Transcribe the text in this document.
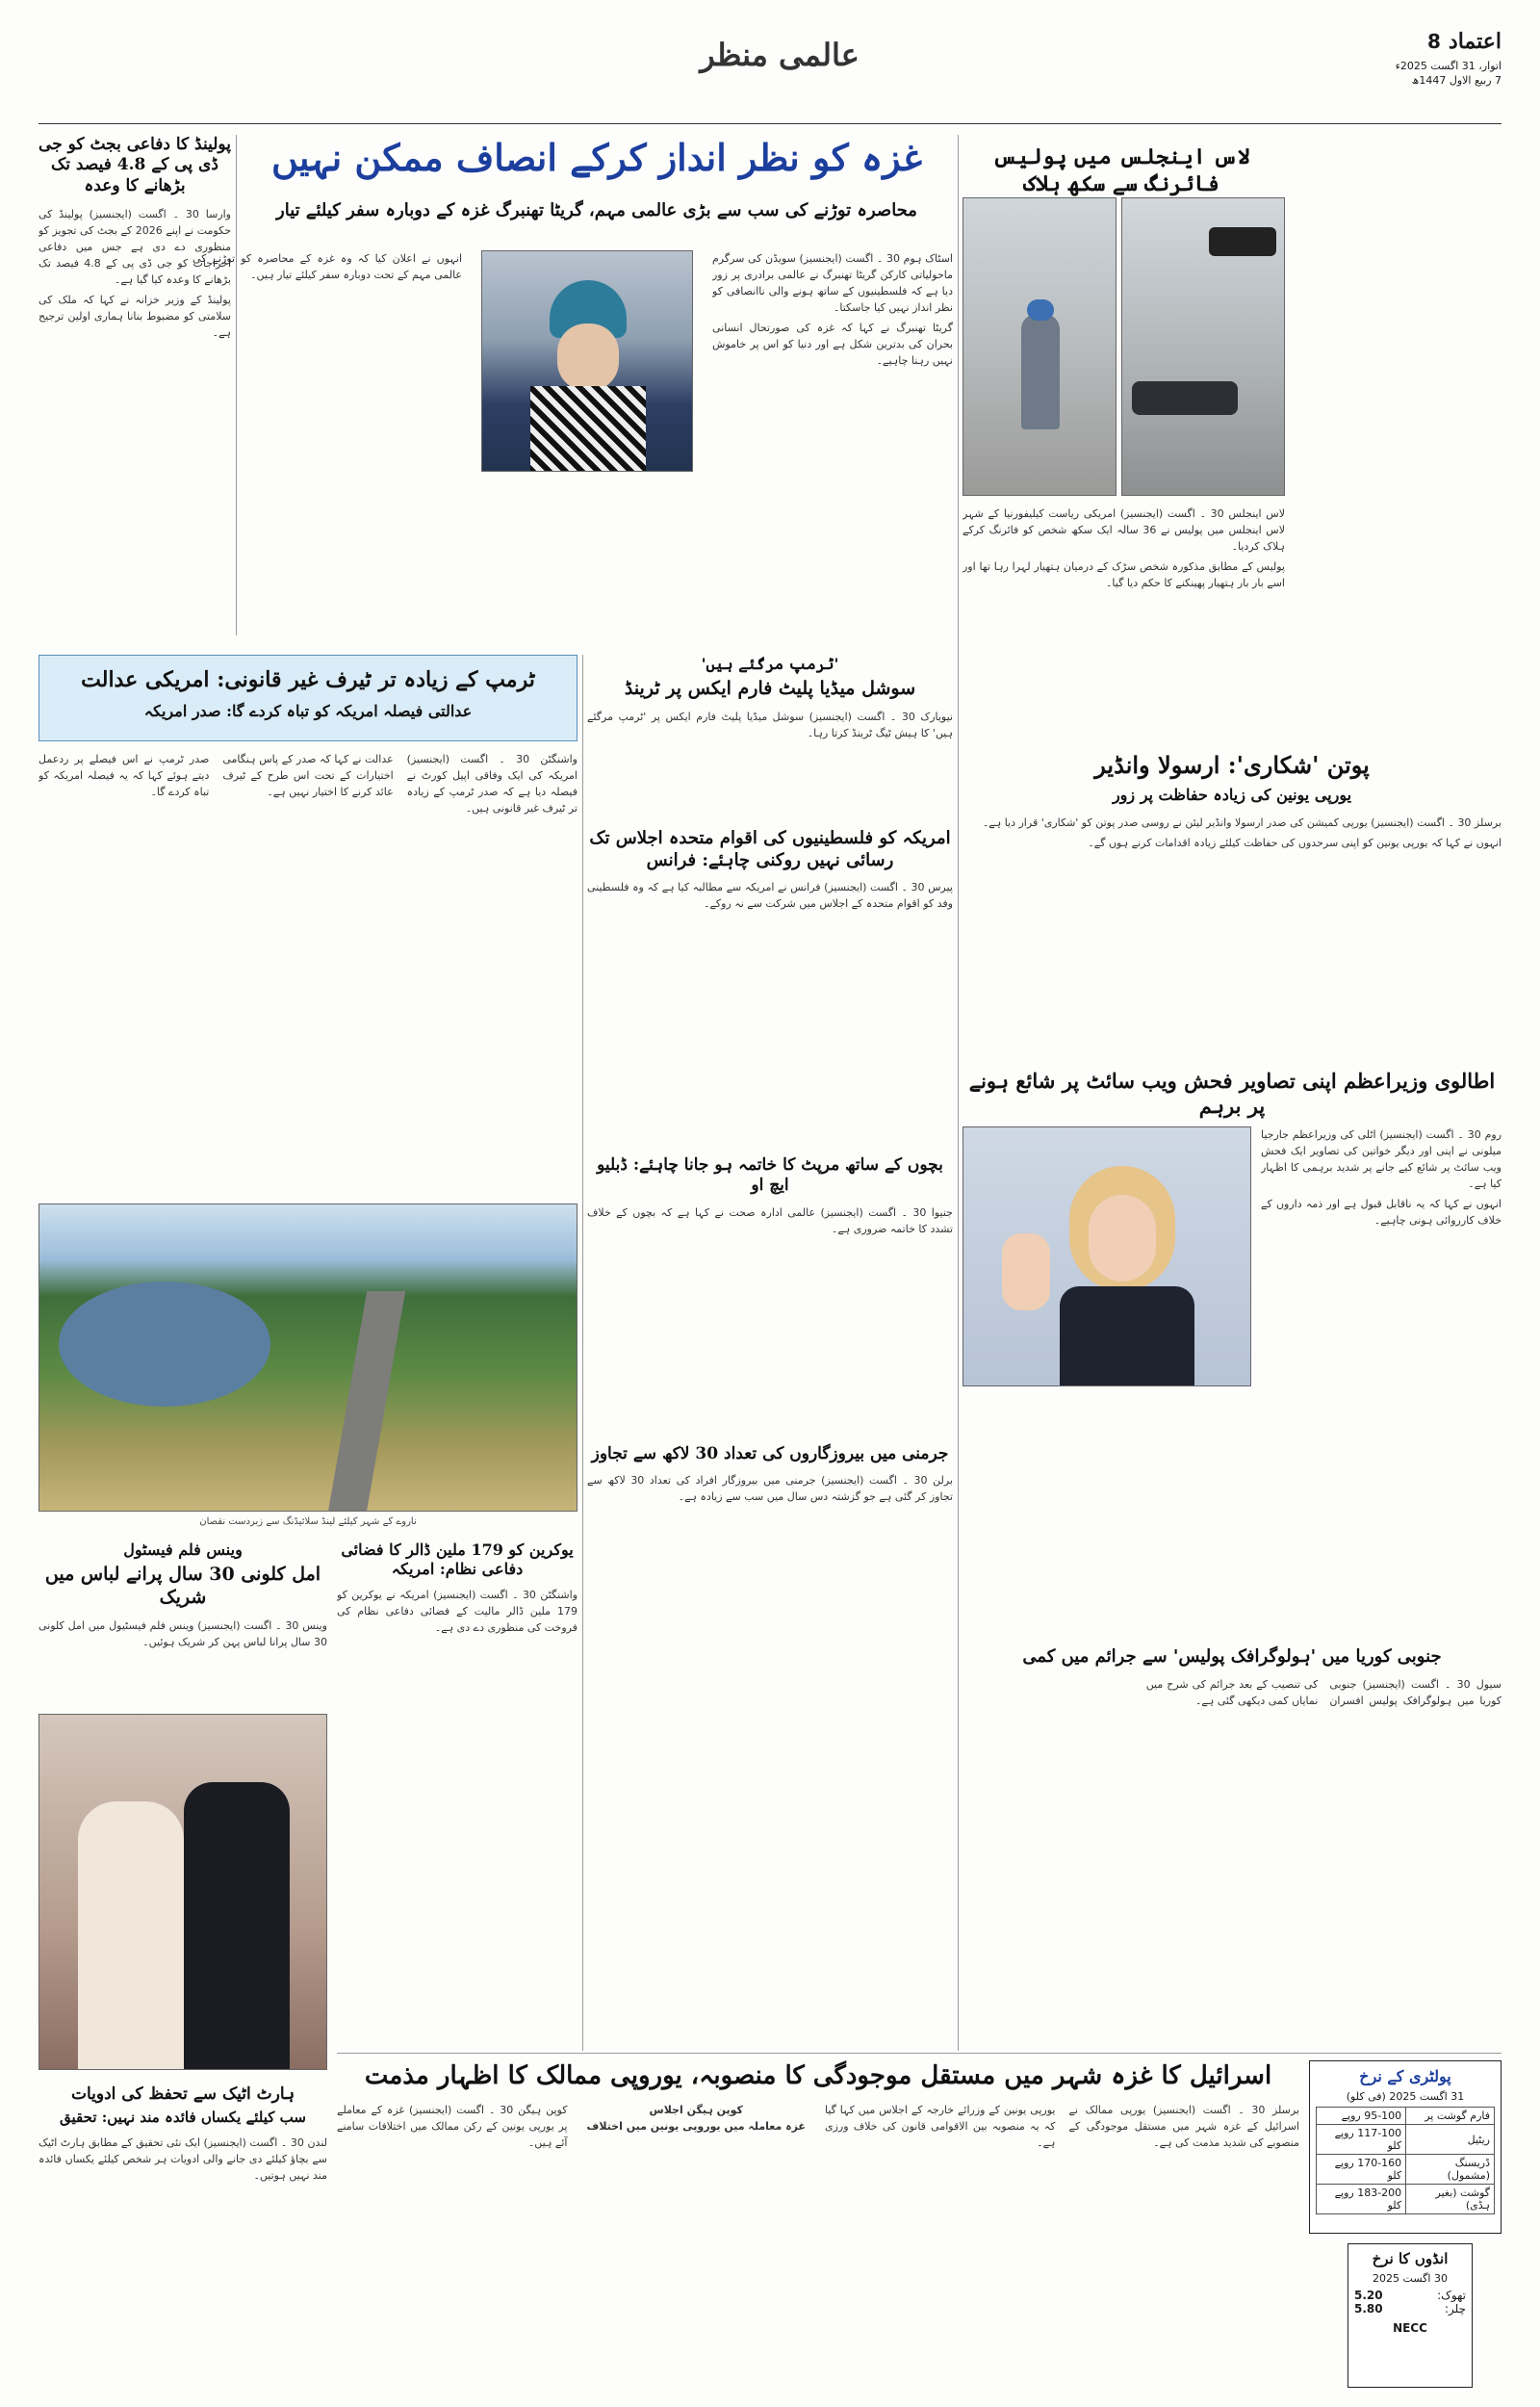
اعتماد
8
اتوار، 31 اگست 2025ء
7 ربیع الاول 1447ھ
عالمی منظر
پولینڈ کا دفاعی بجٹ کو جی ڈی پی کے 4.8 فیصد تک بڑھانے کا وعدہ

وارسا 30 ۔ اگست (ایجنسیز) پولینڈ کی حکومت نے اپنے 2026 کے بجٹ کی تجویز کو منظوری دے دی ہے جس میں دفاعی اخراجات کو جی ڈی پی کے 4.8 فیصد تک بڑھانے کا وعدہ کیا گیا ہے۔

پولینڈ کے وزیر خزانہ نے کہا کہ ملک کی سلامتی کو مضبوط بنانا ہماری اولین ترجیح ہے۔

غزہ کو نظر انداز کرکے انصاف ممکن نہیں
محاصرہ توڑنے کی سب سے بڑی عالمی مہم، گریٹا تھنبرگ غزہ کے دوبارہ سفر کیلئے تیار

اسٹاک ہوم 30 ۔ اگست (ایجنسیز) سویڈن کی سرگرم ماحولیاتی کارکن گریٹا تھنبرگ نے عالمی برادری پر زور دیا ہے کہ فلسطینیوں کے ساتھ ہونے والی ناانصافی کو نظر انداز نہیں کیا جاسکتا۔

گریٹا تھنبرگ نے کہا کہ غزہ کی صورتحال انسانی بحران کی بدترین شکل ہے اور دنیا کو اس پر خاموش نہیں رہنا چاہیے۔

انہوں نے اعلان کیا کہ وہ غزہ کے محاصرہ کو توڑنے کی عالمی مہم کے تحت دوبارہ سفر کیلئے تیار ہیں۔

لاس اینجلس میں پولیس فائرنگ سے سکھ ہلاک

لاس اینجلس 30 ۔ اگست (ایجنسیز) امریکی ریاست کیلیفورنیا کے شہر لاس اینجلس میں پولیس نے 36 سالہ ایک سکھ شخص کو فائرنگ کرکے ہلاک کردیا۔

پولیس کے مطابق مذکورہ شخص سڑک کے درمیان ہتھیار لہرا رہا تھا اور اسے بار بار ہتھیار پھینکنے کا حکم دیا گیا۔

ٹرمپ کے زیادہ تر ٹیرف غیر قانونی: امریکی عدالت
عدالتی فیصلہ امریکہ کو تباہ کردے گا: صدر امریکہ

واشنگٹن 30 ۔ اگست (ایجنسیز) امریکہ کی ایک وفاقی اپیل کورٹ نے فیصلہ دیا ہے کہ صدر ٹرمپ کے زیادہ تر ٹیرف غیر قانونی ہیں۔

عدالت نے کہا کہ صدر کے پاس ہنگامی اختیارات کے تحت اس طرح کے ٹیرف عائد کرنے کا اختیار نہیں ہے۔

صدر ٹرمپ نے اس فیصلے پر ردعمل دیتے ہوئے کہا کہ یہ فیصلہ امریکہ کو تباہ کردے گا۔

'ٹرمپ مرگئے ہیں'
سوشل میڈیا پلیٹ فارم ایکس پر ٹرینڈ

نیویارک 30 ۔ اگست (ایجنسیز) سوشل میڈیا پلیٹ فارم ایکس پر 'ٹرمپ مرگئے ہیں' کا ہیش ٹیگ ٹرینڈ کرتا رہا۔

امریکہ کو فلسطینیوں کی اقوام متحدہ اجلاس تک رسائی نہیں روکنی چاہئے: فرانس

پیرس 30 ۔ اگست (ایجنسیز) فرانس نے امریکہ سے مطالبہ کیا ہے کہ وہ فلسطینی وفد کو اقوام متحدہ کے اجلاس میں شرکت سے نہ روکے۔

بچوں کے ساتھ مرپٹ کا خاتمہ ہو جانا چاہئے: ڈبلیو ایچ او

جنیوا 30 ۔ اگست (ایجنسیز) عالمی ادارہ صحت نے کہا ہے کہ بچوں کے خلاف تشدد کا خاتمہ ضروری ہے۔

جرمنی میں بیروزگاروں کی تعداد 30 لاکھ سے تجاوز

برلن 30 ۔ اگست (ایجنسیز) جرمنی میں بیروزگار افراد کی تعداد 30 لاکھ سے تجاوز کر گئی ہے جو گزشتہ دس سال میں سب سے زیادہ ہے۔

پوتن 'شکاری': ارسولا وانڈیر
یورپی یونین کی زیادہ حفاظت پر زور

برسلز 30 ۔ اگست (ایجنسیز) یورپی کمیشن کی صدر ارسولا وانڈیر لیئن نے روسی صدر پوتن کو 'شکاری' قرار دیا ہے۔

انہوں نے کہا کہ یورپی یونین کو اپنی سرحدوں کی حفاظت کیلئے زیادہ اقدامات کرنے ہوں گے۔

اطالوی وزیراعظم اپنی تصاویر فحش ویب سائٹ پر شائع ہونے پر برہم

روم 30 ۔ اگست (ایجنسیز) اٹلی کی وزیراعظم جارجیا میلونی نے اپنی اور دیگر خواتین کی تصاویر ایک فحش ویب سائٹ پر شائع کیے جانے پر شدید برہمی کا اظہار کیا ہے۔

انہوں نے کہا کہ یہ ناقابل قبول ہے اور ذمہ داروں کے خلاف کارروائی ہونی چاہیے۔

جنوبی کوریا میں 'ہولوگرافک پولیس' سے جرائم میں کمی

سیول 30 ۔ اگست (ایجنسیز) جنوبی کوریا میں ہولوگرافک پولیس افسران کی تنصیب کے بعد جرائم کی شرح میں نمایاں کمی دیکھی گئی ہے۔

ناروے کے شہر کیلئے لینڈ سلائیڈنگ سے زبردست نقصان
وینس فلم فیسٹول
امل کلونی 30 سال پرانے لباس میں شریک

وینس 30 ۔ اگست (ایجنسیز) وینس فلم فیسٹیول میں امل کلونی 30 سال پرانا لباس پہن کر شریک ہوئیں۔

یوکرین کو 179 ملین ڈالر کا فضائی دفاعی نظام: امریکہ

واشنگٹن 30 ۔ اگست (ایجنسیز) امریکہ نے یوکرین کو 179 ملین ڈالر مالیت کے فضائی دفاعی نظام کی فروخت کی منظوری دے دی ہے۔

ہارٹ اٹیک سے تحفظ کی ادویات
سب کیلئے یکساں فائدہ مند نہیں: تحقیق

لندن 30 ۔ اگست (ایجنسیز) ایک نئی تحقیق کے مطابق ہارٹ اٹیک سے بچاؤ کیلئے دی جانے والی ادویات ہر شخص کیلئے یکساں فائدہ مند نہیں ہوتیں۔

اسرائیل کا غزہ شہر میں مستقل موجودگی کا منصوبہ، یوروپی ممالک کا اظہار مذمت

برسلز 30 ۔ اگست (ایجنسیز) یورپی ممالک نے اسرائیل کے غزہ شہر میں مستقل موجودگی کے منصوبے کی شدید مذمت کی ہے۔

یورپی یونین کے وزرائے خارجہ کے اجلاس میں کہا گیا کہ یہ منصوبہ بین الاقوامی قانون کی خلاف ورزی ہے۔

کوپن ہیگن اجلاس
غزہ معاملہ میں یوروپی یونین میں اختلاف

کوپن ہیگن 30 ۔ اگست (ایجنسیز) غزہ کے معاملے پر یورپی یونین کے رکن ممالک میں اختلافات سامنے آئے ہیں۔

پولٹری کے نرخ
31 اگست 2025 (فی کلو)
فارم گوشت پر	95-100 روپے
ریٹیل	117-100 روپے کلو
ڈریسنگ (مشمول)	170-160 روپے کلو
گوشت (بغیر ہڈی)	183-200 روپے کلو
انڈوں کا نرخ
30 اگست 2025
تھوک:
5.20
چلر:
5.80
NECC
